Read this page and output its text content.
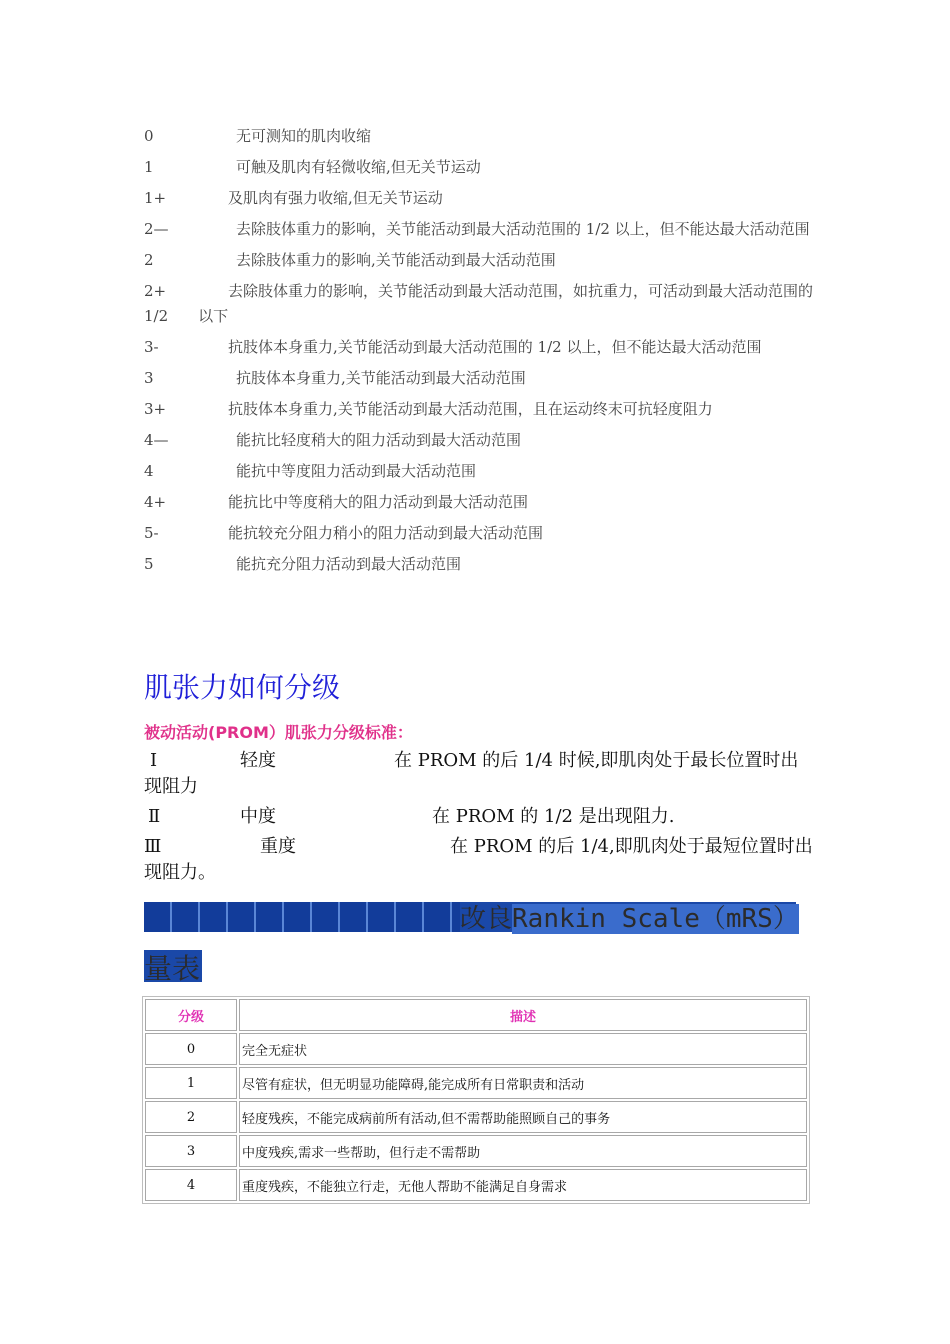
0	无可测知的肌肉收缩
1	可触及肌肉有轻微收缩,但无关节运动
1+	及肌肉有强力收缩,但无关节运动
2—	去除肢体重力的影响，关节能活动到最大活动范围的 1/2 以上，但不能达最大活动范围
2	去除肢体重力的影响,关节能活动到最大活动范围
2+	去除肢体重力的影响，关节能活动到最大活动范围，如抗重力，可活动到最大活动范围的　　1/2　　以下
3-	抗肢体本身重力,关节能活动到最大活动范围的 1/2 以上，但不能达最大活动范围
3	抗肢体本身重力,关节能活动到最大活动范围
3+	抗肢体本身重力,关节能活动到最大活动范围，且在运动终末可抗轻度阻力
4—	能抗比轻度稍大的阻力活动到最大活动范围
4	能抗中等度阻力活动到最大活动范围
4+	能抗比中等度稍大的阻力活动到最大活动范围
5-	能抗较充分阻力稍小的阻力活动到最大活动范围
5	能抗充分阻力活动到最大活动范围
肌张力如何分级
被动活动(PROM）肌张力分级标准：
Ⅰ	轻度	在 PROM 的后 1/4 时候,即肌肉处于最长位置时出现阻力
Ⅱ	中度	在 PROM 的 1/2 是出现阻力.
Ⅲ	重度	在 PROM 的后 1/4,即肌肉处于最短位置时出现阻力。
改良Rankin Scale（mRS）
量表
分级	描述
0	完全无症状
1	尽管有症状，但无明显功能障碍,能完成所有日常职责和活动
2	轻度残疾，不能完成病前所有活动,但不需帮助能照顾自己的事务
3	中度残疾,需求一些帮助，但行走不需帮助
4	重度残疾，不能独立行走，无他人帮助不能满足自身需求
